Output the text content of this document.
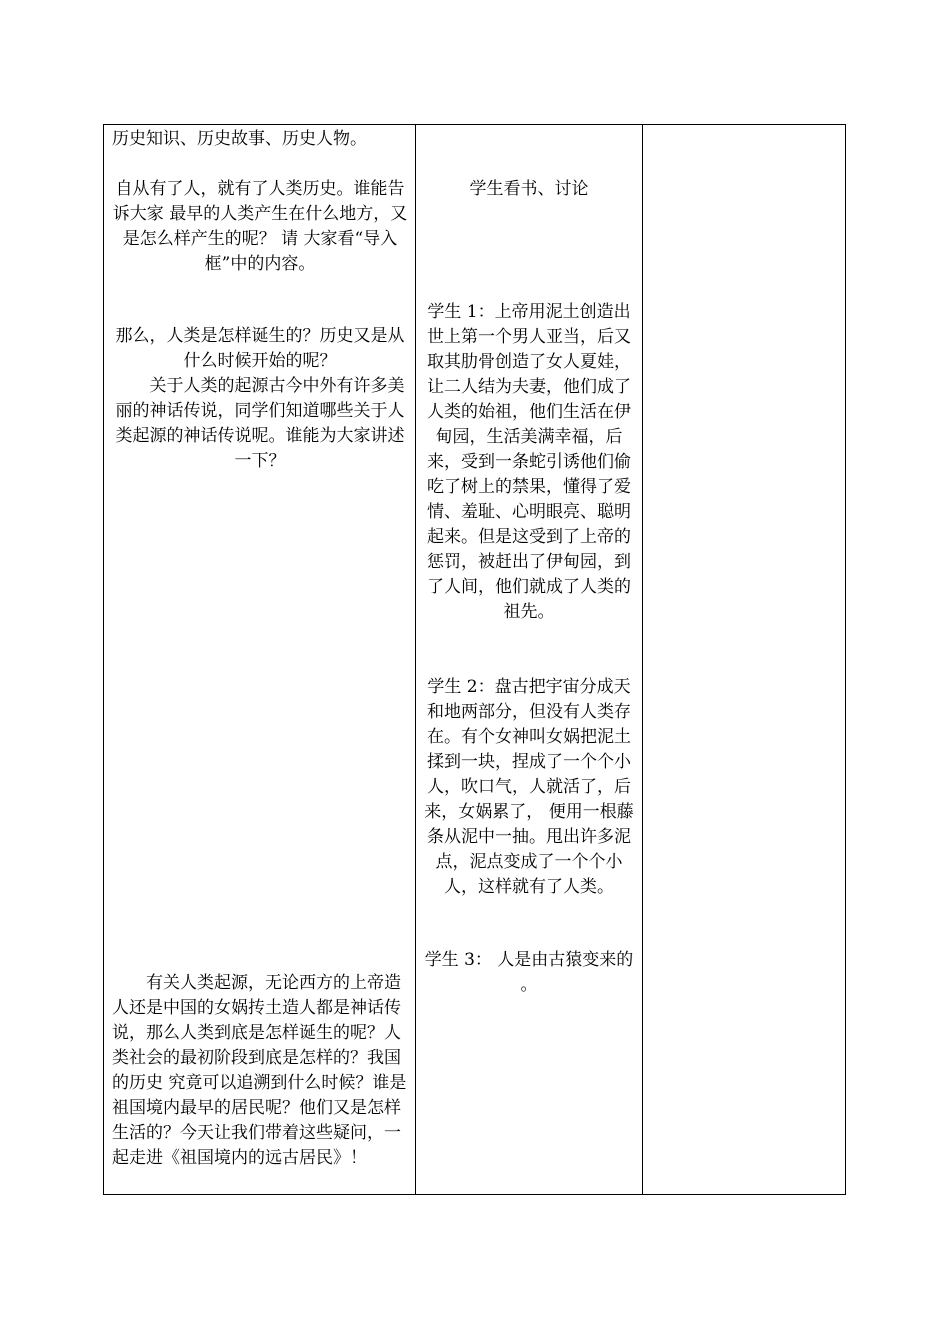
历史知识、历史故事、历史人物。
自从有了人，就有了人类历史。谁能告诉大家 最早的人类产生在什么地方，又是怎么样产生的呢？ 请 大家看“导入框”中的内容。
那么，人类是怎样诞生的？历史又是从什么时候开始的呢？
关于人类的起源古今中外有许多美丽的神话传说，同学们知道哪些关于人类起源的神话传说呢。谁能为大家讲述一下？
有关人类起源，无论西方的上帝造人还是中国的女娲抟土造人都是神话传说，那么人类到底是怎样诞生的呢？人类社会的最初阶段到底是怎样的？我国的历史 究竟可以追溯到什么时候？谁是祖国境内最早的居民呢？他们又是怎样生活的？今天让我们带着这些疑问，一起走进《祖国境内的远古居民》！
学生看书、讨论
学生 1：上帝用泥土创造出世上第一个男人亚当，后又取其肋骨创造了女人夏娃，让二人结为夫妻，他们成了人类的始祖，他们生活在伊甸园，生活美满幸福，后来，受到一条蛇引诱他们偷吃了树上的禁果，懂得了爱情、羞耻、心明眼亮、聪明起来。但是这受到了上帝的惩罚，被赶出了伊甸园，到了人间，他们就成了人类的祖先。
学生 2：盘古把宇宙分成天和地两部分，但没有人类存在。有个女神叫女娲把泥土揉到一块，捏成了一个个小人，吹口气，人就活了，后来，女娲累了， 便用一根藤条从泥中一抽。甩出许多泥点，泥点变成了一个个小人，这样就有了人类。
学生 3： 人是由古猿变来的 。
